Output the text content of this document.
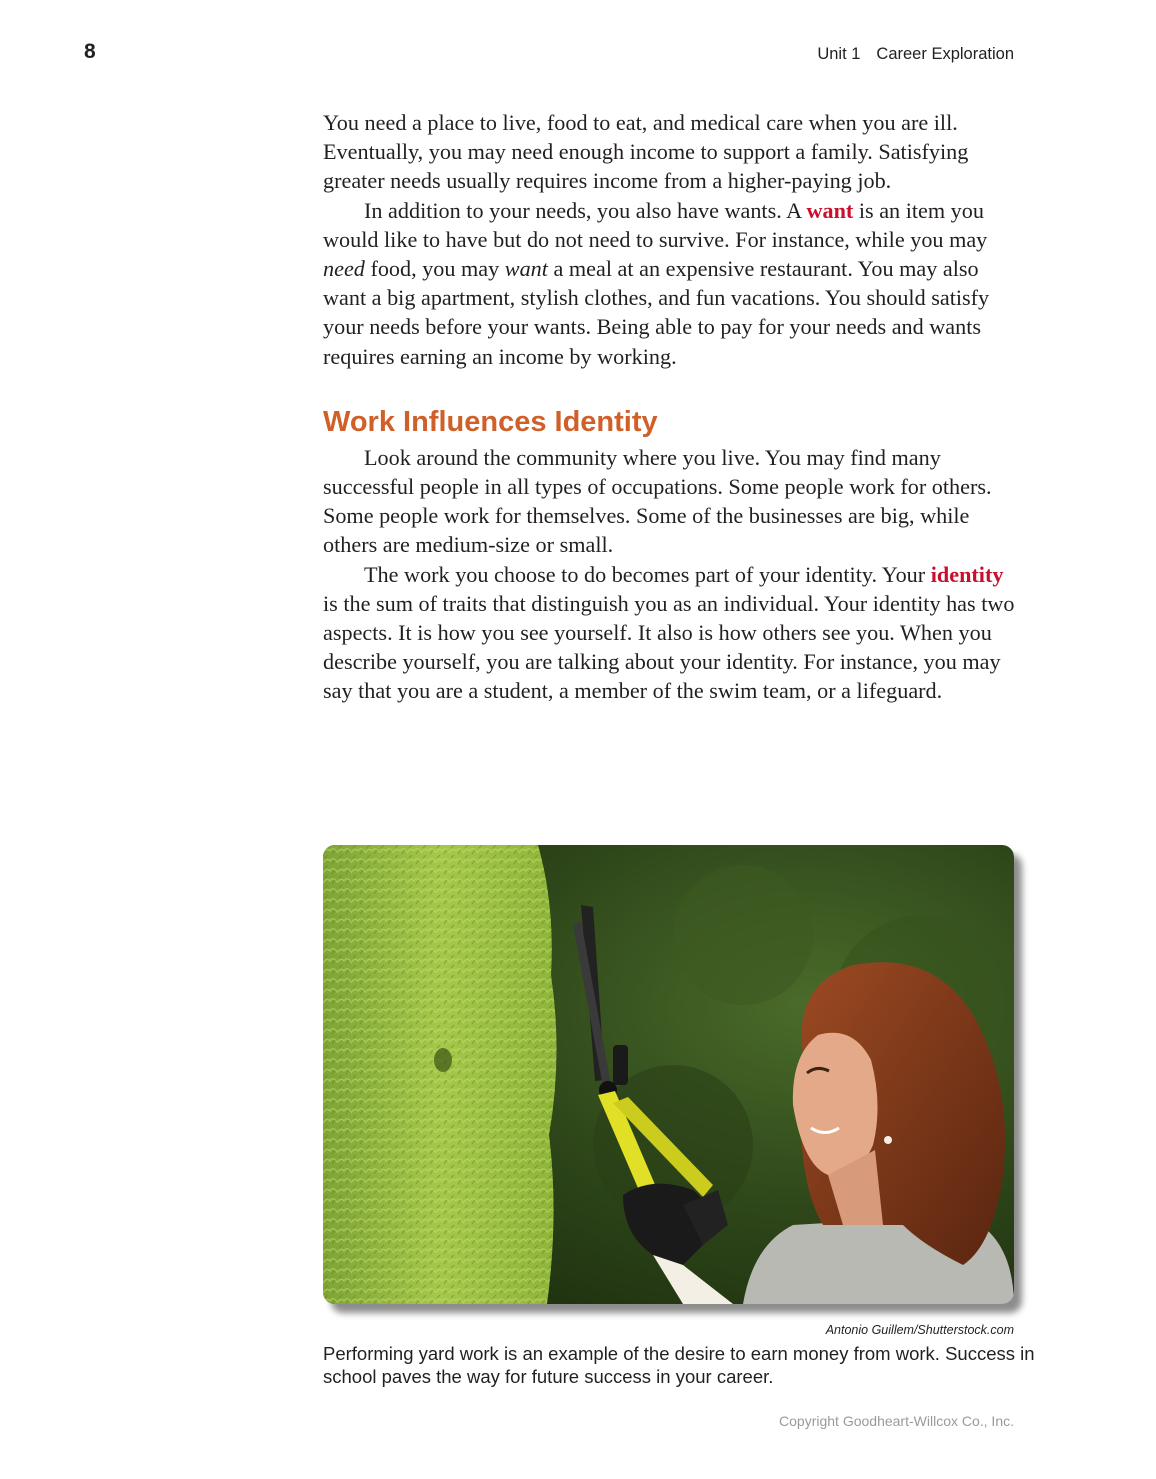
8	Unit 1 Career Exploration

You need a place to live, food to eat, and medical care when you are ill. Eventually, you may need enough income to support a family. Satisfying greater needs usually requires income from a higher-paying job.

In addition to your needs, you also have wants. A want is an item you would like to have but do not need to survive. For instance, while you may need food, you may want a meal at an expensive restaurant. You may also want a big apartment, stylish clothes, and fun vacations. You should satisfy your needs before your wants. Being able to pay for your needs and wants requires earning an income by working.

Work Influences Identity

Look around the community where you live. You may find many successful people in all types of occupations. Some people work for others. Some people work for themselves. Some of the businesses are big, while others are medium-size or small.

The work you choose to do becomes part of your identity. Your identity is the sum of traits that distinguish you as an individual. Your identity has two aspects. It is how you see yourself. It also is how others see you. When you describe yourself, you are talking about your identity. For instance, you may say that you are a student, a member of the swim team, or a lifeguard.

Antonio Guillem/Shutterstock.com
Performing yard work is an example of the desire to earn money from work. Success in school paves the way for future success in your career.
Copyright Goodheart-Willcox Co., Inc.
